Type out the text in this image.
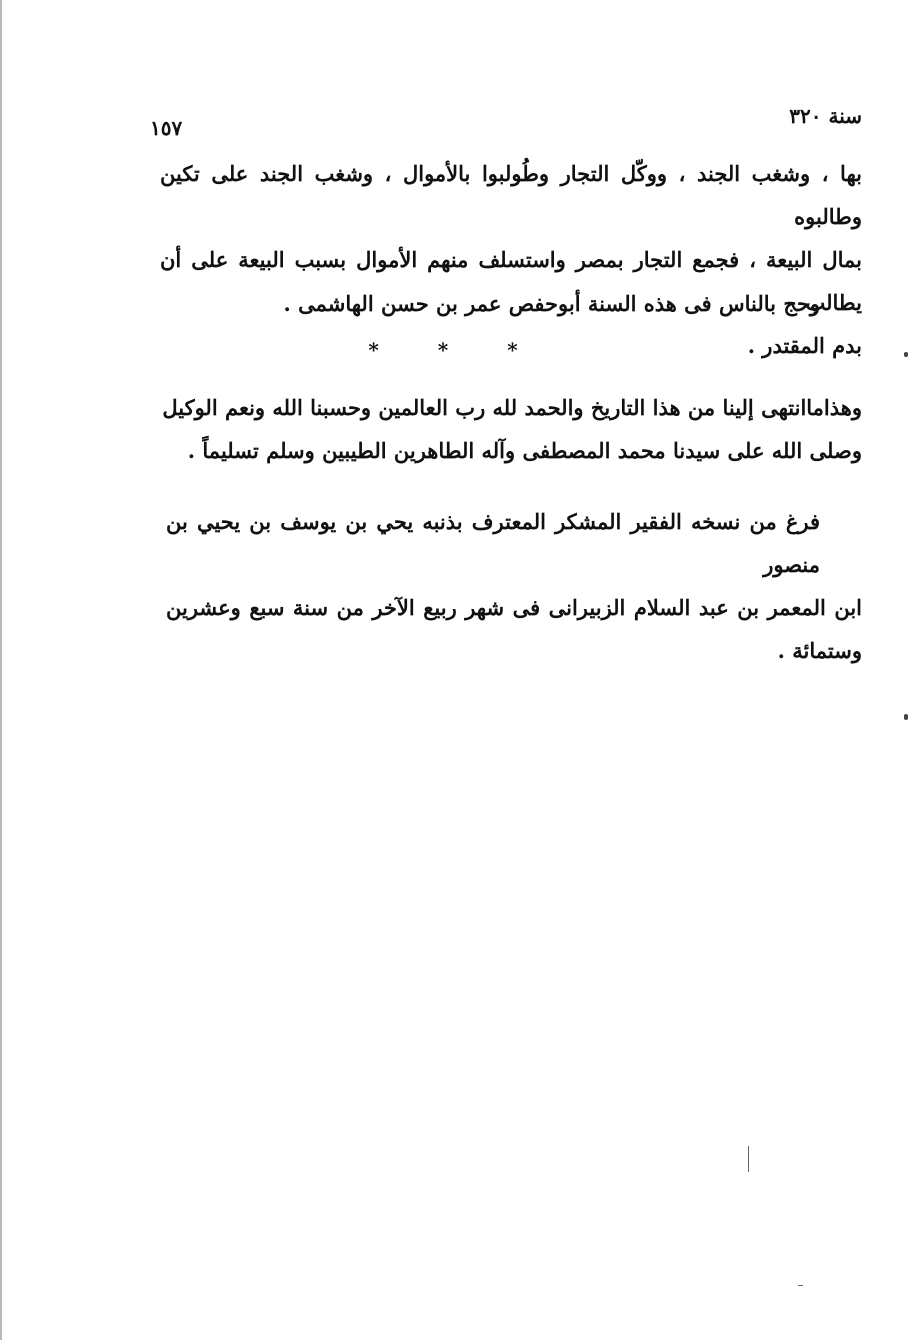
سنة ٣٢٠
١٥٧

بها ، وشغب الجند ، ووكّل التجار وطُولبوا بالأموال ، وشغب الجند على تكين وطالبوه

بمال البيعة ، فجمع التجار بمصر واستسلف منهم الأموال بسبب البيعة على أن يطالب

بدم المقتدر .

وحج بالناس فى هذه السنة أبوحفص عمر بن حسن الهاشمى .

* * *

وهذاماانتهى إلينا من هذا التاريخ والحمد لله رب العالمين وحسبنا الله ونعم الوكيل

وصلى الله على سيدنا محمد المصطفى وآله الطاهرين الطيبين وسلم تسليماً .

فرغ من نسخه الفقير المشكر المعترف بذنبه يحي بن يوسف بن يحيي بن منصور

ابن المعمر بن عبد السلام الزبيرانى فى شهر ربيع الآخر من سنة سبع وعشرين وستمائة .
